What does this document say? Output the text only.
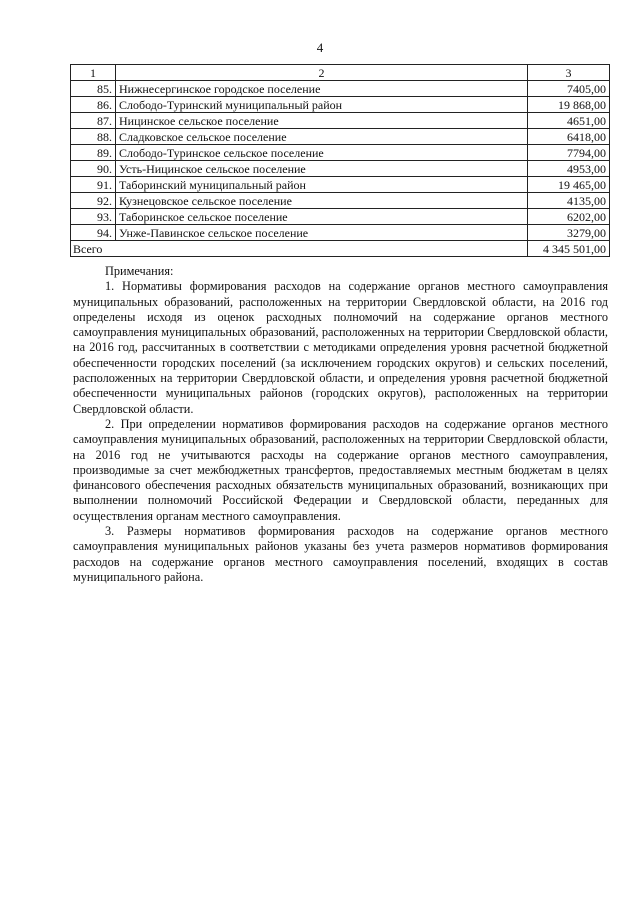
4
1	2	3
85.	Нижнесергинское городское поселение	7405,00
86.	Слободо-Туринский муниципальный район	19 868,00
87.	Ницинское сельское поселение	4651,00
88.	Сладковское сельское поселение	6418,00
89.	Слободо-Туринское сельское поселение	7794,00
90.	Усть-Ницинское сельское поселение	4953,00
91.	Таборинский муниципальный район	19 465,00
92.	Кузнецовское сельское поселение	4135,00
93.	Таборинское сельское поселение	6202,00
94.	Унже-Павинское сельское поселение	3279,00
Всего		4 345 501,00

Примечания:

1. Нормативы формирования расходов на содержание органов местного самоуправления муниципальных образований, расположенных на территории Свердловской области, на 2016 год определены исходя из оценок расходных полномочий на содержание органов местного самоуправления муниципальных образований, расположенных на территории Свердловской области, на 2016 год, рассчитанных в соответствии с методиками определения уровня расчетной бюджетной обеспеченности городских поселений (за исключением городских округов) и сельских поселений, расположенных на территории Свердловской области, и определения уровня расчетной бюджетной обеспеченности муниципальных районов (городских округов), расположенных на территории Свердловской области.

2. При определении нормативов формирования расходов на содержание органов местного самоуправления муниципальных образований, расположенных на территории Свердловской области, на 2016 год не учитываются расходы на содержание органов местного самоуправления, производимые за счет межбюджетных трансфертов, предоставляемых местным бюджетам в целях финансового обеспечения расходных обязательств муниципальных образований, возникающих при выполнении полномочий Российской Федерации и Свердловской области, переданных для осуществления органам местного самоуправления.

3. Размеры нормативов формирования расходов на содержание органов местного самоуправления муниципальных районов указаны без учета размеров нормативов формирования расходов на содержание органов местного самоуправления поселений, входящих в состав муниципального района.
